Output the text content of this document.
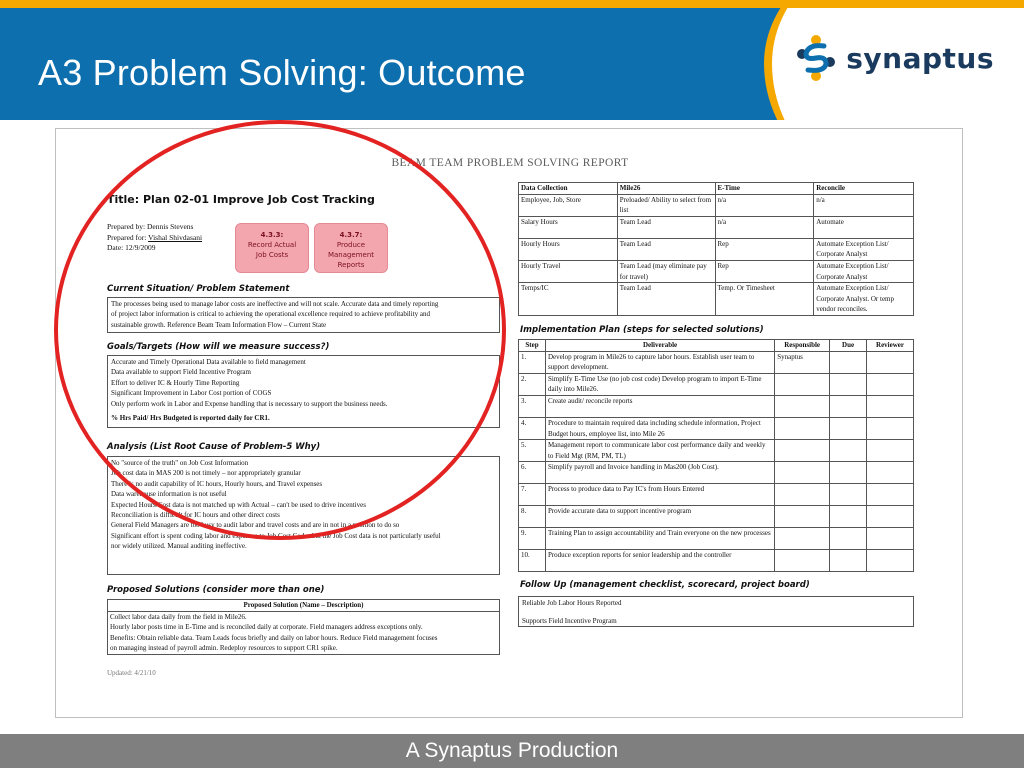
A3 Problem Solving: Outcome	synaptus
BEAM TEAM PROBLEM SOLVING REPORT
Title: Plan 02-01 Improve Job Cost Tracking
Prepared by: Dennis Stevens
Prepared for: Vishal Shivdasani
Date: 12/9/2009
4.3.3:
Record Actual
Job Costs
4.3.7:
Produce
Management
Reports
Current Situation/ Problem Statement
The processes being used to manage labor costs are ineffective and will not scale. Accurate data and timely reporting
of project labor information is critical to achieving the operational excellence required to achieve profitability and
sustainable growth. Reference Beam Team Information Flow – Current State
Goals/Targets (How will we measure success?)
Accurate and Timely Operational Data available to field management
Data available to support Field Incentive Program
Effort to deliver IC & Hourly Time Reporting
Significant Improvement in Labor Cost portion of COGS
Only perform work in Labor and Expense handling that is necessary to support the business needs.
% Hrs Paid/ Hrs Budgeted is reported daily for CR1.
Analysis (List Root Cause of Problem-5 Why)
No "source of the truth" on Job Cost Information
Job cost data in MAS 200 is not timely – nor appropriately granular
There is no audit capability of IC hours, Hourly hours, and Travel expenses
Data warehouse information is not useful
Expected Hours/Cost data is not matched up with Actual – can't be used to drive incentives
Reconciliation is difficult for IC hours and other direct costs
General Field Managers are too busy to audit labor and travel costs and are in not in a position to do so
Significant effort is spent coding labor and expenses to Job Cost Codes but the Job Cost data is not particularly useful
nor widely utilized. Manual auditing ineffective.
Proposed Solutions (consider more than one)
Proposed Solution (Name – Description)

Collect labor data daily from the field in Mile26.
Hourly labor posts time in E-Time and is reconciled daily at corporate. Field managers address exceptions only.
Benefits: Obtain reliable data. Team Leads focus briefly and daily on labor hours. Reduce Field management focuses
on managing instead of payroll admin. Redeploy resources to support CR1 spike.
Updated: 4/21/10
Data Collection	Mile26	E-Time	Reconcile
Employee, Job, Store	Preloaded/ Ability to select from list	n/a	n/a
Salary Hours	Team Lead	n/a	Automate
Hourly Hours	Team Lead	Rep	Automate Exception List/ Corporate Analyst
Hourly Travel	Team Lead (may eliminate pay for travel)	Rep	Automate Exception List/ Corporate Analyst
Temps/IC	Team Lead	Temp. Or Timesheet	Automate Exception List/ Corporate Analyst. Or temp vendor reconciles.
Implementation Plan (steps for selected solutions)
Step	Deliverable	Responsible	Due	Reviewer
1.	Develop program in Mile26 to capture labor hours. Establish user team to support development.	Synaptus		
2.	Simplify E-Time Use (no job cost code) Develop program to import E-Time daily into Mile26.			
3.	Create audit/ reconcile reports			
4.	Procedure to maintain required data including schedule information, Project Budget hours, employee list, into Mile 26			
5.	Management report to communicate labor cost performance daily and weekly to Field Mgt (RM, PM, TL)			
6.	Simplify payroll and Invoice handling in Mas200 (Job Cost).			
7.	Process to produce data to Pay IC's from Hours Entered			
8.	Provide accurate data to support incentive program			
9.	Training Plan to assign accountability and Train everyone on the new processes			
10.	Produce exception reports for senior leadership and the controller			
Follow Up (management checklist, scorecard, project board)
Reliable Job Labor Hours Reported
Supports Field Incentive Program
A Synaptus Production
